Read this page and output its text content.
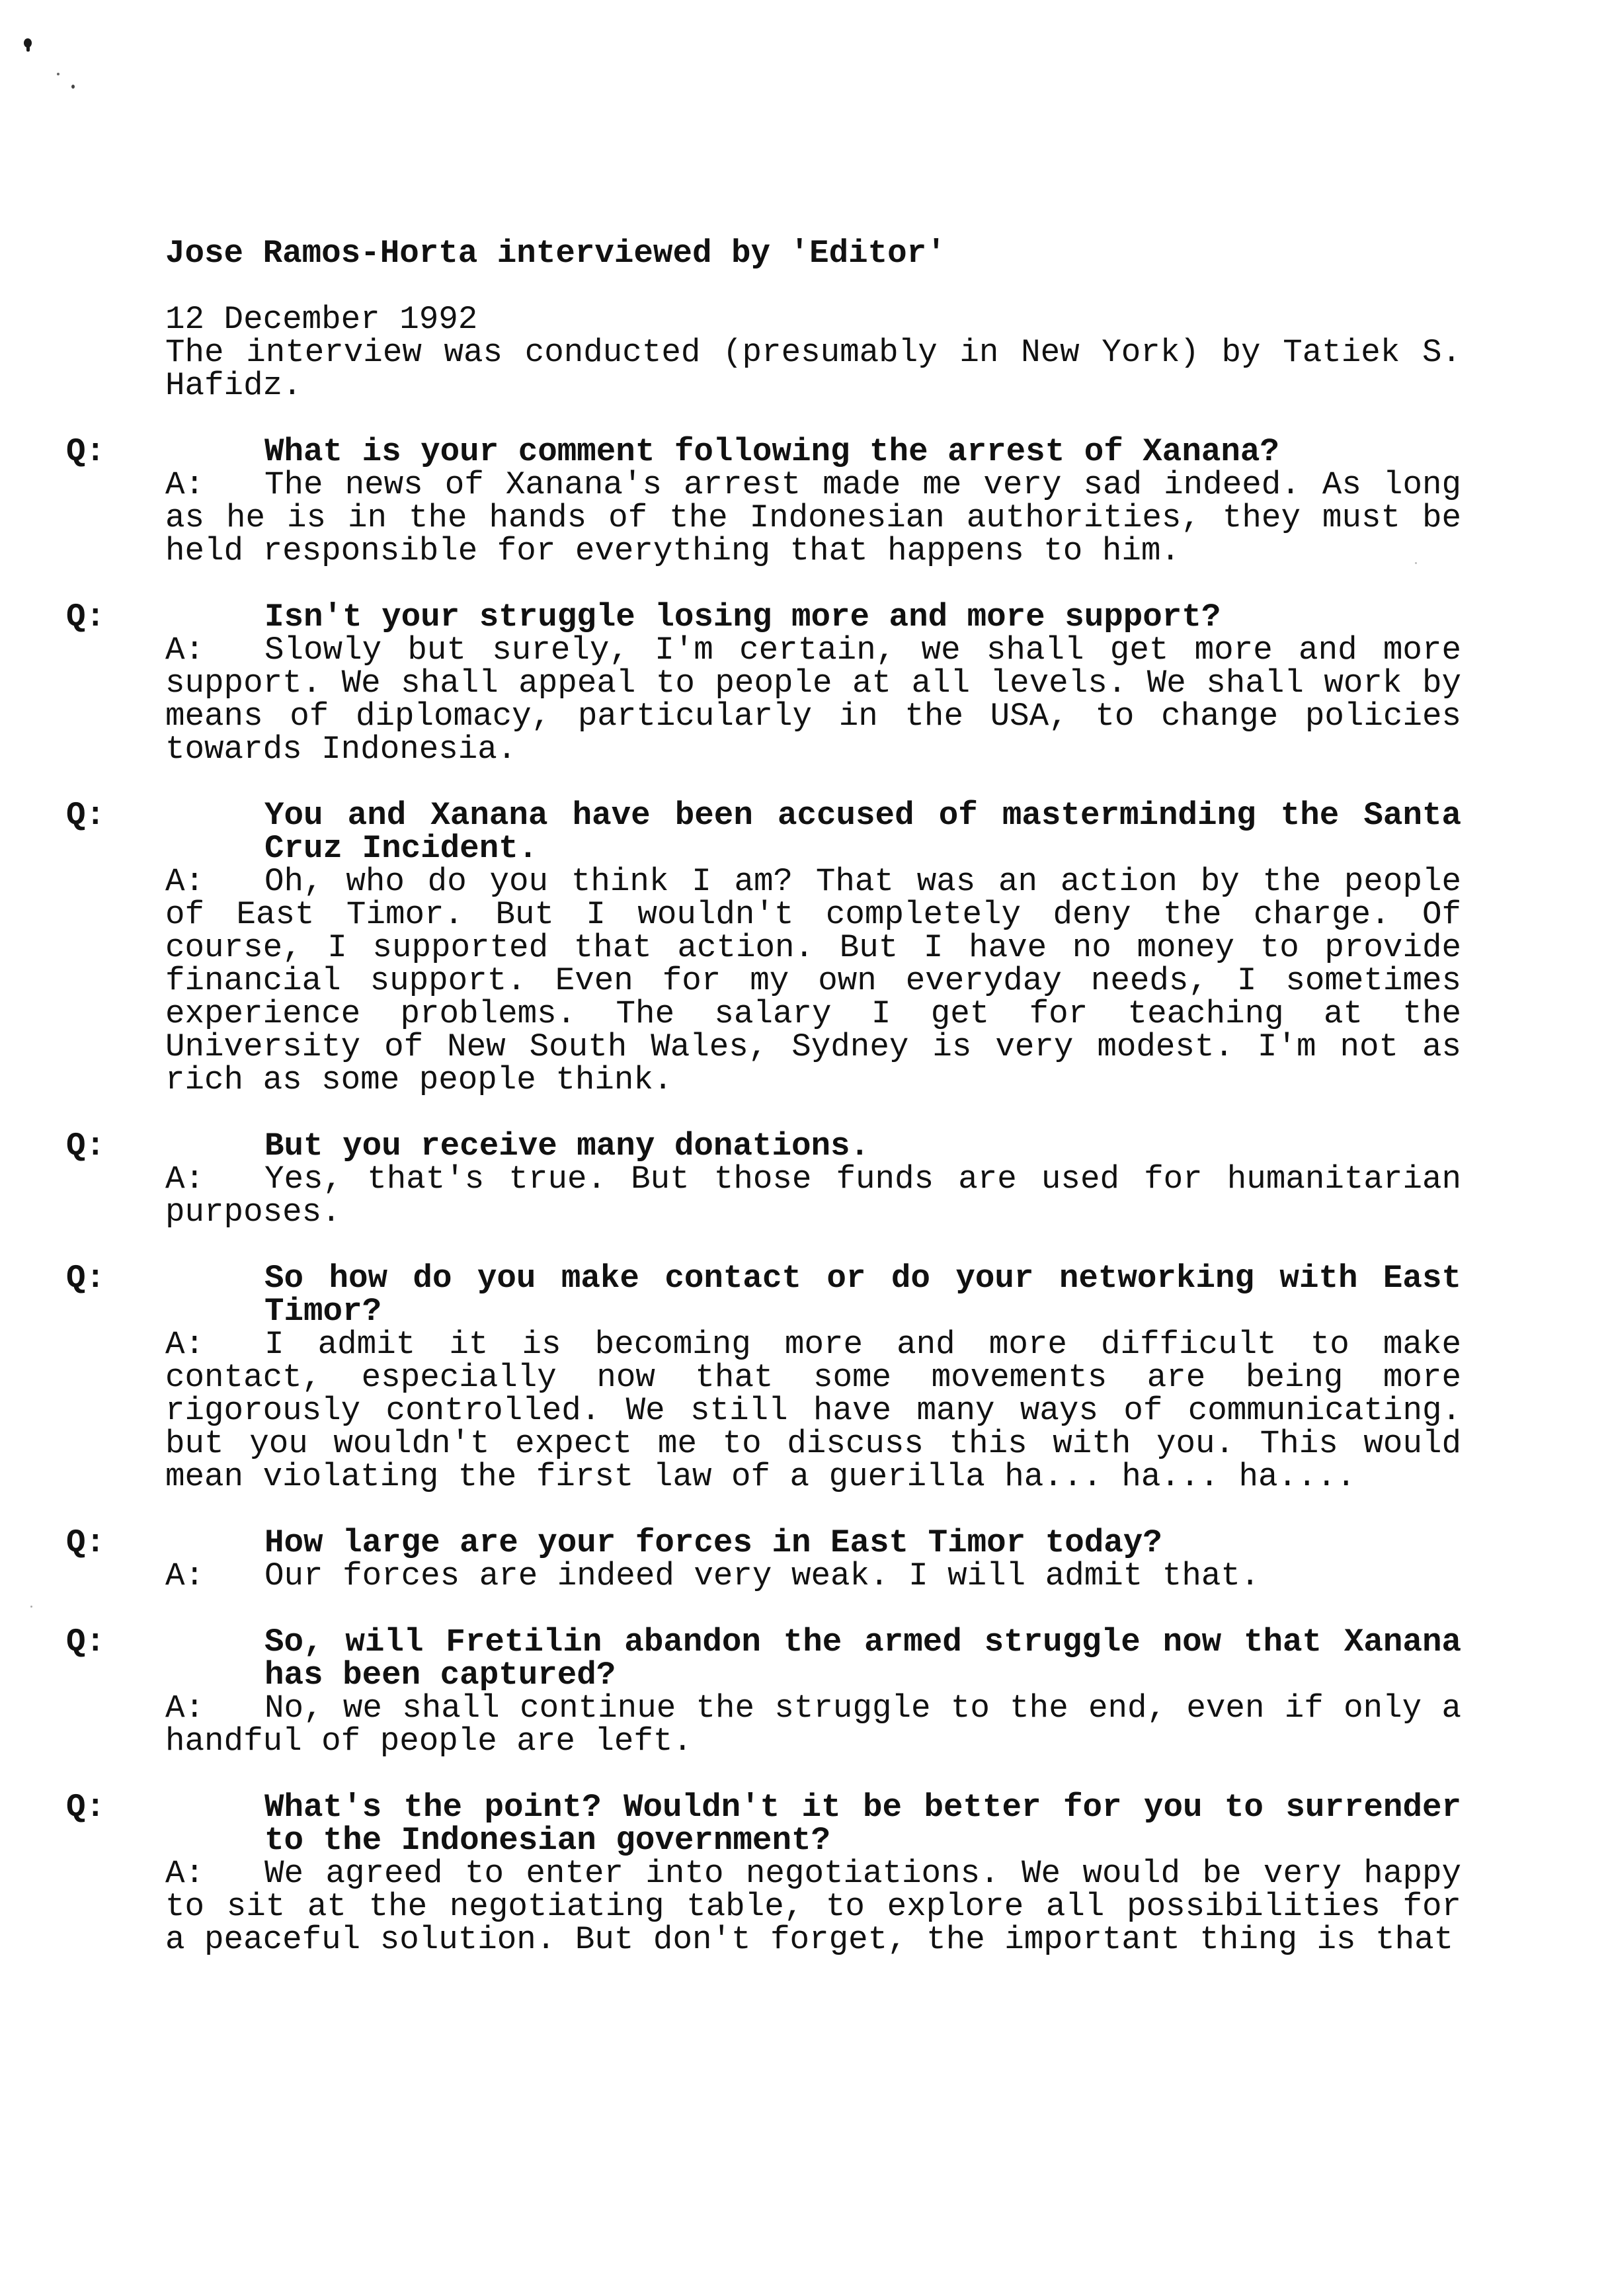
Jose Ramos-Horta interviewed by 'Editor'

12 December 1992

The interview was conducted (presumably in New York) by Tatiek S. Hafidz.

Q:	What is your comment following the arrest of Xanana?

A: The news of Xanana's arrest made me very sad indeed. As long as he is in the hands of the Indonesian authorities, they must be held responsible for everything that happens to him.

Q:	Isn't your struggle losing more and more support?

A: Slowly but surely, I'm certain, we shall get more and more support. We shall appeal to people at all levels. We shall work by means of diplomacy, particularly in the USA, to change policies towards Indonesia.

Q:	You and Xanana have been accused of masterminding the Santa Cruz Incident.

A: Oh, who do you think I am? That was an action by the people of East Timor. But I wouldn't completely deny the charge. Of course, I supported that action. But I have no money to provide financial support. Even for my own everyday needs, I sometimes experience problems. The salary I get for teaching at the University of New South Wales, Sydney is very modest. I'm not as rich as some people think.

Q:	But you receive many donations.

A: Yes, that's true. But those funds are used for humanitarian purposes.

Q:	So how do you make contact or do your networking with East Timor?

A: I admit it is becoming more and more difficult to make contact, especially now that some movements are being more rigorously controlled. We still have many ways of communicating. but you wouldn't expect me to discuss this with you. This would mean violating the first law of a guerilla ha... ha... ha....

Q:	How large are your forces in East Timor today?

A: Our forces are indeed very weak. I will admit that.

Q:	So, will Fretilin abandon the armed struggle now that Xanana has been captured?

A: No, we shall continue the struggle to the end, even if only a handful of people are left.

Q:	What's the point? Wouldn't it be better for you to surrender to the Indonesian government?

A: We agreed to enter into negotiations. We would be very happy to sit at the negotiating table, to explore all possibilities for a peaceful solution. But don't forget, the important thing is that
